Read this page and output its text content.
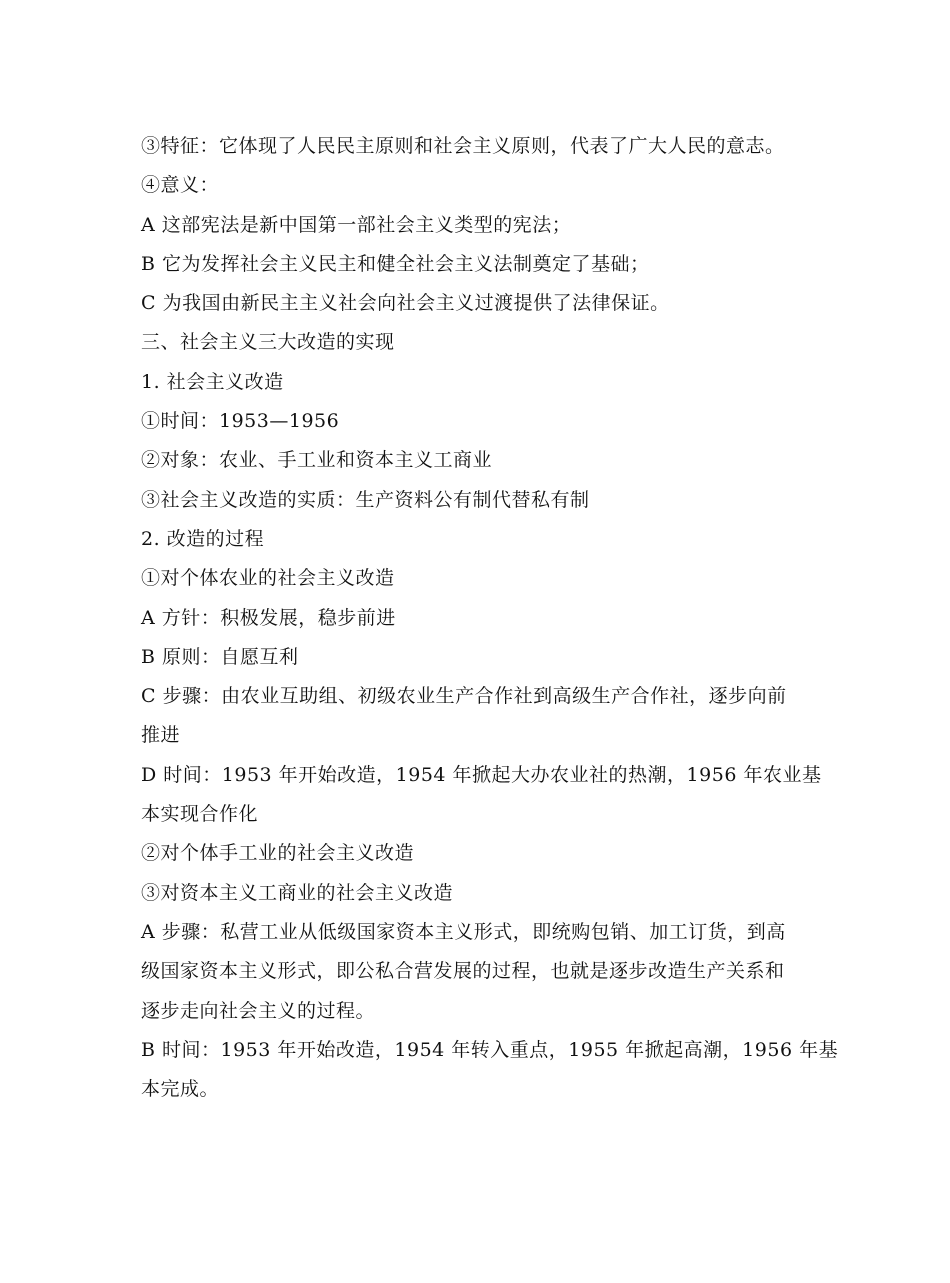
③特征：它体现了人民民主原则和社会主义原则，代表了广大人民的意志。
④意义：
A 这部宪法是新中国第一部社会主义类型的宪法；
B 它为发挥社会主义民主和健全社会主义法制奠定了基础；
C 为我国由新民主主义社会向社会主义过渡提供了法律保证。
三、社会主义三大改造的实现
1. 社会主义改造
①时间：1953—1956
②对象：农业、手工业和资本主义工商业
③社会主义改造的实质：生产资料公有制代替私有制
2. 改造的过程
①对个体农业的社会主义改造
A 方针：积极发展，稳步前进
B 原则：自愿互利
C 步骤：由农业互助组、初级农业生产合作社到高级生产合作社，逐步向前
推进
D 时间：1953 年开始改造，1954 年掀起大办农业社的热潮，1956 年农业基
本实现合作化
②对个体手工业的社会主义改造
③对资本主义工商业的社会主义改造
A 步骤：私营工业从低级国家资本主义形式，即统购包销、加工订货，到高
级国家资本主义形式，即公私合营发展的过程，也就是逐步改造生产关系和
逐步走向社会主义的过程。
B 时间：1953 年开始改造，1954 年转入重点，1955 年掀起高潮，1956 年基
本完成。
